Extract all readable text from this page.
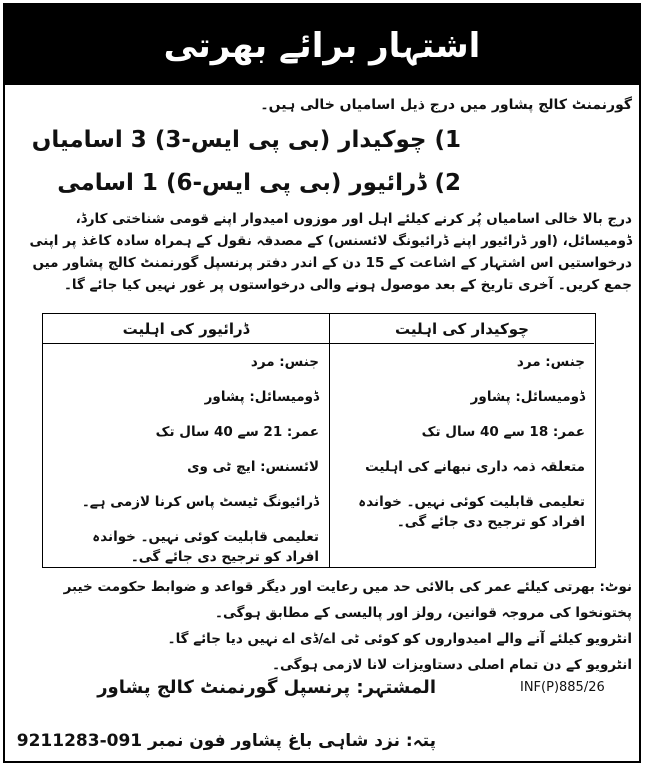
اشتہار برائے بھرتی
گورنمنٹ کالج پشاور میں درج ذیل اسامیاں خالی ہیں۔
1) چوکیدار (بی پی ایس-3) 3 اسامیاں
2) ڈرائیور (بی پی ایس-6) 1 اسامی
درج بالا خالی اسامیاں پُر کرنے کیلئے اہل اور موزوں امیدوار اپنے قومی شناختی کارڈ، ڈومیسائل، (اور ڈرائیور اپنے ڈرائیونگ لائسنس) کے مصدقہ نقول کے ہمراہ سادہ کاغذ پر اپنی درخواستیں اس اشتہار کے اشاعت کے 15 دن کے اندر دفتر پرنسپل گورنمنٹ کالج پشاور میں جمع کریں۔ آخری تاریخ کے بعد موصول ہونے والی درخواستوں پر غور نہیں کیا جائے گا۔
ڈرائیور کی اہلیت	چوکیدار کی اہلیت
جنس: مرد
ڈومیسائل: پشاور
عمر: 18 سے 40 سال تک
متعلقہ ذمہ داری نبھانے کی اہلیت
تعلیمی قابلیت کوئی نہیں۔ خواندہ افراد کو ترجیح دی جائے گی۔
جنس: مرد
ڈومیسائل: پشاور
عمر: 21 سے 40 سال تک
لائسنس: ایچ ٹی وی
ڈرائیونگ ٹیسٹ پاس کرنا لازمی ہے۔
تعلیمی قابلیت کوئی نہیں۔ خواندہ افراد کو ترجیح دی جائے گی۔
نوٹ: بھرتی کیلئے عمر کی بالائی حد میں رعایت اور دیگر قواعد و ضوابط حکومت خیبر پختونخوا کی مروجہ قوانین، رولز اور پالیسی کے مطابق ہوگی۔
انٹرویو کیلئے آنے والے امیدواروں کو کوئی ٹی اے/ڈی اے نہیں دیا جائے گا۔
انٹرویو کے دن تمام اصلی دستاویزات لانا لازمی ہوگی۔
INF(P)885/26
المشتہر: پرنسپل گورنمنٹ کالج پشاور
پتہ: نزد شاہی باغ پشاور فون نمبر 091-9211283
